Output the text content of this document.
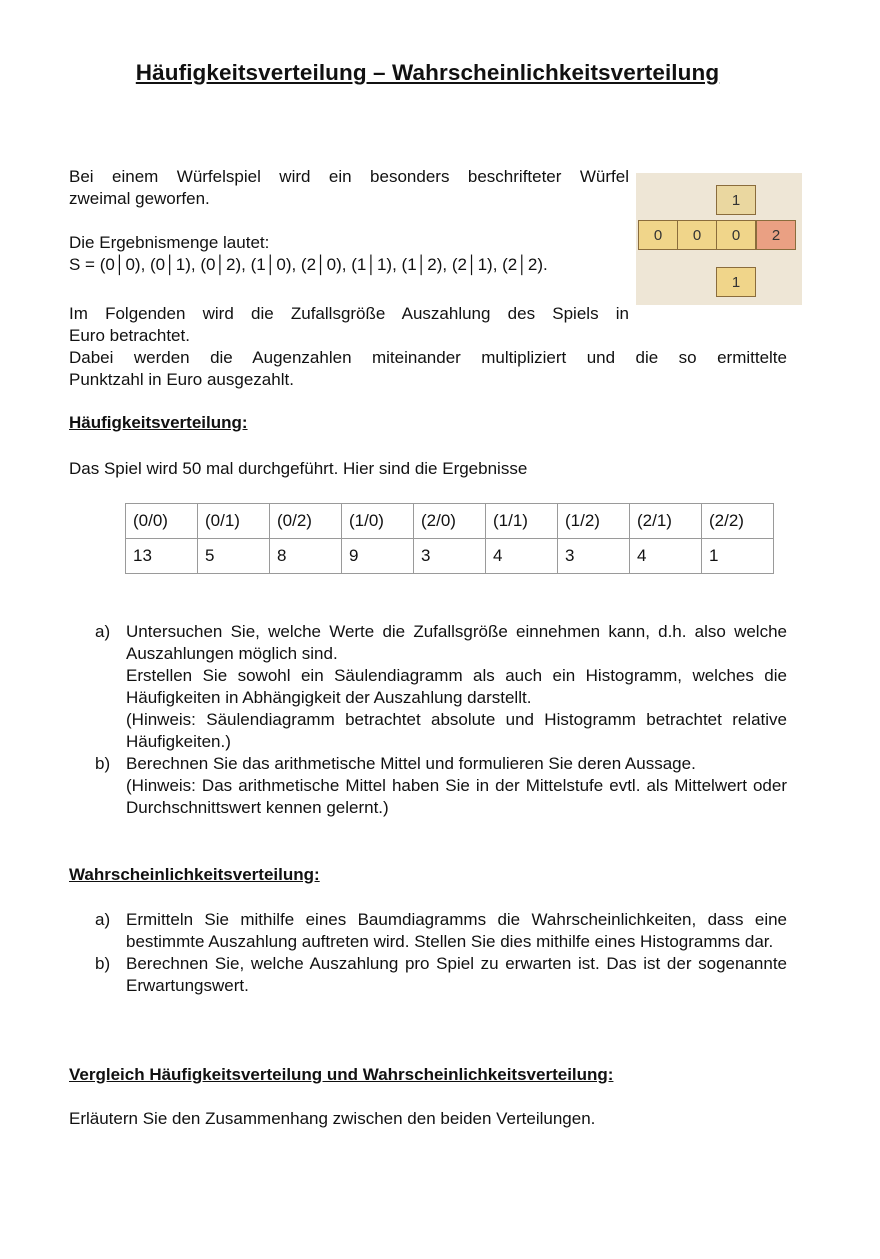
Häufigkeitsverteilung – Wahrscheinlichkeitsverteilung
Bei einem Würfelspiel wird ein besonders beschrifteter Würfel
zweimal geworfen.
Die Ergebnismenge lautet:
S = (0│0), (0│1), (0│2), (1│0), (2│0), (1│1), (1│2), (2│1), (2│2).
Im Folgenden wird die Zufallsgröße Auszahlung des Spiels in
Euro betrachtet.
Dabei werden die Augenzahlen miteinander multipliziert und die so ermittelte
Punktzahl in Euro ausgezahlt.
1
0	0	0	2
1
Häufigkeitsverteilung:
Das Spiel wird 50 mal durchgeführt. Hier sind die Ergebnisse
(0/0)	(0/1)	(0/2)	(1/0)	(2/0)	(1/1)	(1/2)	(2/1)	(2/2)
13	5	8	9	3	4	3	4	1
a) Untersuchen Sie, welche Werte die Zufallsgröße einnehmen kann, d.h. also welche Auszahlungen möglich sind.
Erstellen Sie sowohl ein Säulendiagramm als auch ein Histogramm, welches die Häufigkeiten in Abhängigkeit der Auszahlung darstellt.
(Hinweis: Säulendiagramm betrachtet absolute und Histogramm betrachtet relative Häufigkeiten.)
b) Berechnen Sie das arithmetische Mittel und formulieren Sie deren Aussage.
(Hinweis: Das arithmetische Mittel haben Sie in der Mittelstufe evtl. als Mittelwert oder Durchschnittswert kennen gelernt.)
Wahrscheinlichkeitsverteilung:
a) Ermitteln Sie mithilfe eines Baumdiagramms die Wahrscheinlichkeiten, dass eine bestimmte Auszahlung auftreten wird. Stellen Sie dies mithilfe eines Histogramms dar.
b) Berechnen Sie, welche Auszahlung pro Spiel zu erwarten ist. Das ist der sogenannte Erwartungswert.
Vergleich Häufigkeitsverteilung und Wahrscheinlichkeitsverteilung:
Erläutern Sie den Zusammenhang zwischen den beiden Verteilungen.
